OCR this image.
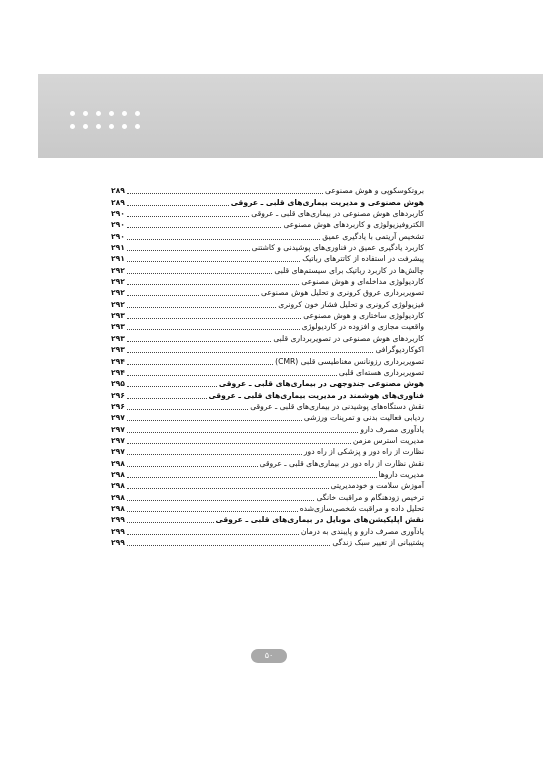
بروتکوسکوپی و هوش مصنوعی
۲۸۹
هوش مصنوعی و مدیریت بیماری‌های قلبی ـ عروقی
۲۸۹
کاربردهای هوش مصنوعی در بیماری‌های قلبی ـ عروقی
۲۹۰
الکتروفیزیولوژی و کاربردهای هوش مصنوعی
۲۹۰
تشخیص آریتمی با یادگیری عمیق
۲۹۰
کاربرد یادگیری عمیق در فناوری‌های پوشیدنی و کاشتنی
۲۹۱
پیشرفت در استفاده از کاتترهای رباتیک
۲۹۱
چالش‌ها در کاربرد رباتیک برای سیستم‌های قلبی
۲۹۲
کاردیولوژی مداخله‌ای و هوش مصنوعی
۲۹۲
تصویربرداری عروق کرونری و تحلیل هوش مصنوعی
۲۹۲
فیزیولوژی کرونری و تحلیل فشار خون کرونری
۲۹۲
کاردیولوژی ساختاری و هوش مصنوعی
۲۹۳
واقعیت مجازی و افزوده در کاردیولوژی
۲۹۳
کاربردهای هوش مصنوعی در تصویربرداری قلبی
۲۹۳
اکوکاردیوگرافی
۲۹۳
تصویربرداری رزونانس مغناطیسی قلبی (CMR)
۲۹۴
تصویربرداری هسته‌ای قلبی
۲۹۴
هوش مصنوعی جندوجهی در بیماری‌های قلبی ـ عروقی
۲۹۵
فناوری‌های هوشمند در مدیریت بیماری‌های قلبی ـ عروقی
۲۹۶
نقش دستگاه‌های پوشیدنی در بیماری‌های قلبی ـ عروقی
۲۹۶
ردیابی فعالیت بدنی و تمرینات ورزشی
۲۹۷
یادآوری مصرف دارو
۲۹۷
مدیریت استرس مزمن
۲۹۷
نظارت از راه دور و پزشکی از راه دور
۲۹۷
نقش نظارت از راه دور در بیماری‌های قلبی ـ عروقی
۲۹۸
مدیریت داروها
۲۹۸
آموزش سلامت و خودمدیریتی
۲۹۸
ترخیص زودهنگام و مراقبت خانگی
۲۹۸
تحلیل داده و مراقبت شخصی‌سازی‌شده
۲۹۸
نقش اپلیکیشن‌های موبایل در بیماری‌های قلبی ـ عروقی
۲۹۹
یادآوری مصرف دارو و پایبندی به درمان
۲۹۹
پشتیبانی از تغییر سبک زندگی
۲۹۹
۵۰
